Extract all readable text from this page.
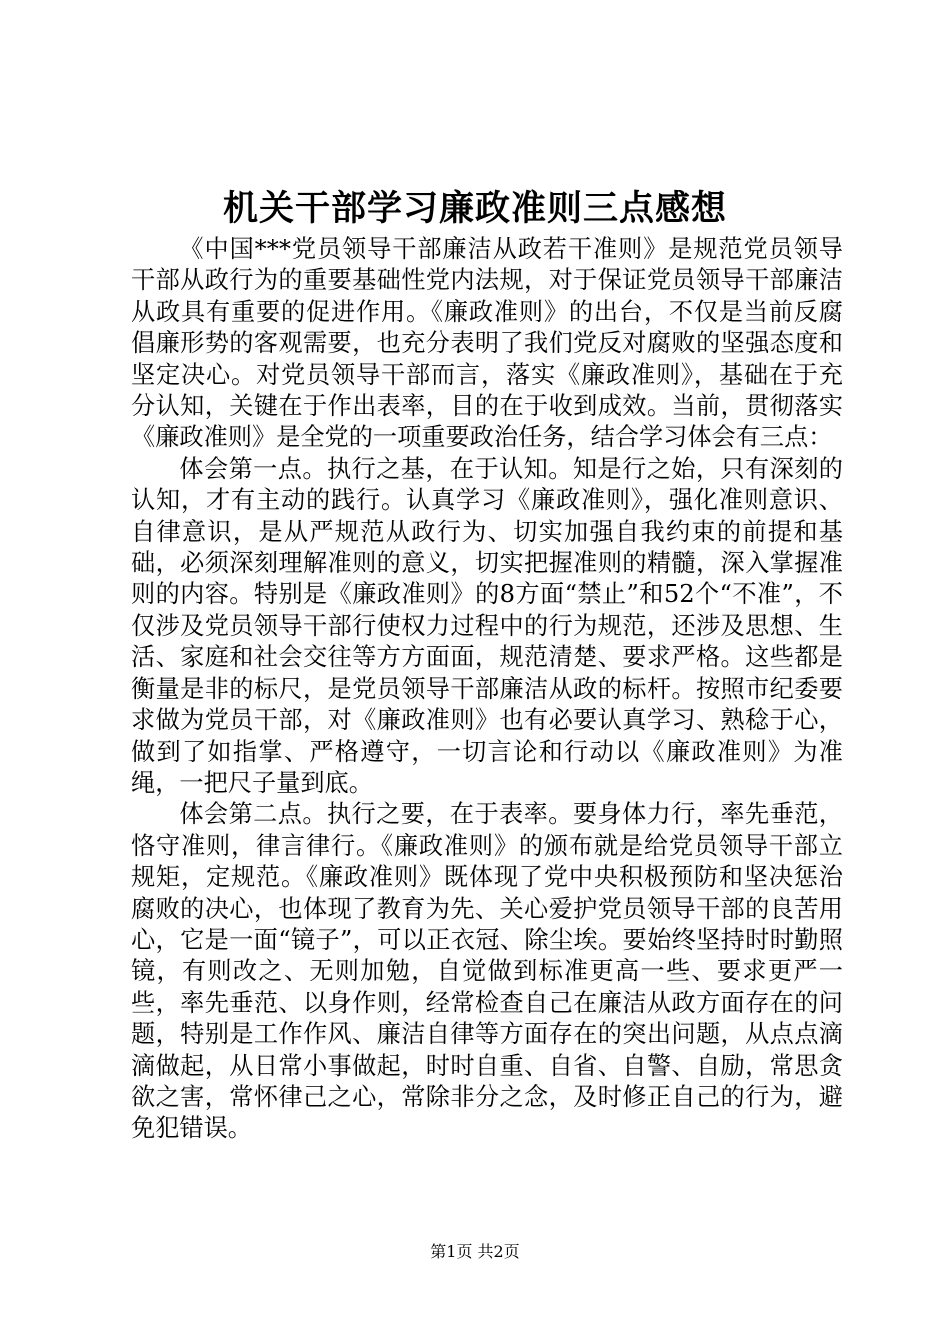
机关干部学习廉政准则三点感想

《中国***党员领导干部廉洁从政若干准则》是规范党员领导干部从政行为的重要基础性党内法规，对于保证党员领导干部廉洁从政具有重要的促进作用。《廉政准则》的出台，不仅是当前反腐倡廉形势的客观需要，也充分表明了我们党反对腐败的坚强态度和坚定决心。对党员领导干部而言，落实《廉政准则》，基础在于充分认知，关键在于作出表率，目的在于收到成效。当前，贯彻落实《廉政准则》是全党的一项重要政治任务，结合学习体会有三点：

体会第一点。执行之基，在于认知。知是行之始，只有深刻的认知，才有主动的践行。认真学习《廉政准则》，强化准则意识、自律意识，是从严规范从政行为、切实加强自我约束的前提和基础，必须深刻理解准则的意义，切实把握准则的精髓，深入掌握准则的内容。特别是《廉政准则》的8方面“禁止”和52个“不准”，不仅涉及党员领导干部行使权力过程中的行为规范，还涉及思想、生活、家庭和社会交往等方方面面，规范清楚、要求严格。这些都是衡量是非的标尺，是党员领导干部廉洁从政的标杆。按照市纪委要求做为党员干部，对《廉政准则》也有必要认真学习、熟稔于心，做到了如指掌、严格遵守，一切言论和行动以《廉政准则》为准绳，一把尺子量到底。

体会第二点。执行之要，在于表率。要身体力行，率先垂范，恪守准则，律言律行。《廉政准则》的颁布就是给党员领导干部立规矩，定规范。《廉政准则》既体现了党中央积极预防和坚决惩治腐败的决心，也体现了教育为先、关心爱护党员领导干部的良苦用心，它是一面“镜子”，可以正衣冠、除尘埃。要始终坚持时时勤照镜，有则改之、无则加勉，自觉做到标准更高一些、要求更严一些，率先垂范、以身作则，经常检查自己在廉洁从政方面存在的问题，特别是工作作风、廉洁自律等方面存在的突出问题，从点点滴滴做起，从日常小事做起，时时自重、自省、自警、自励，常思贪欲之害，常怀律己之心，常除非分之念，及时修正自己的行为，避免犯错误。

第1页 共2页
